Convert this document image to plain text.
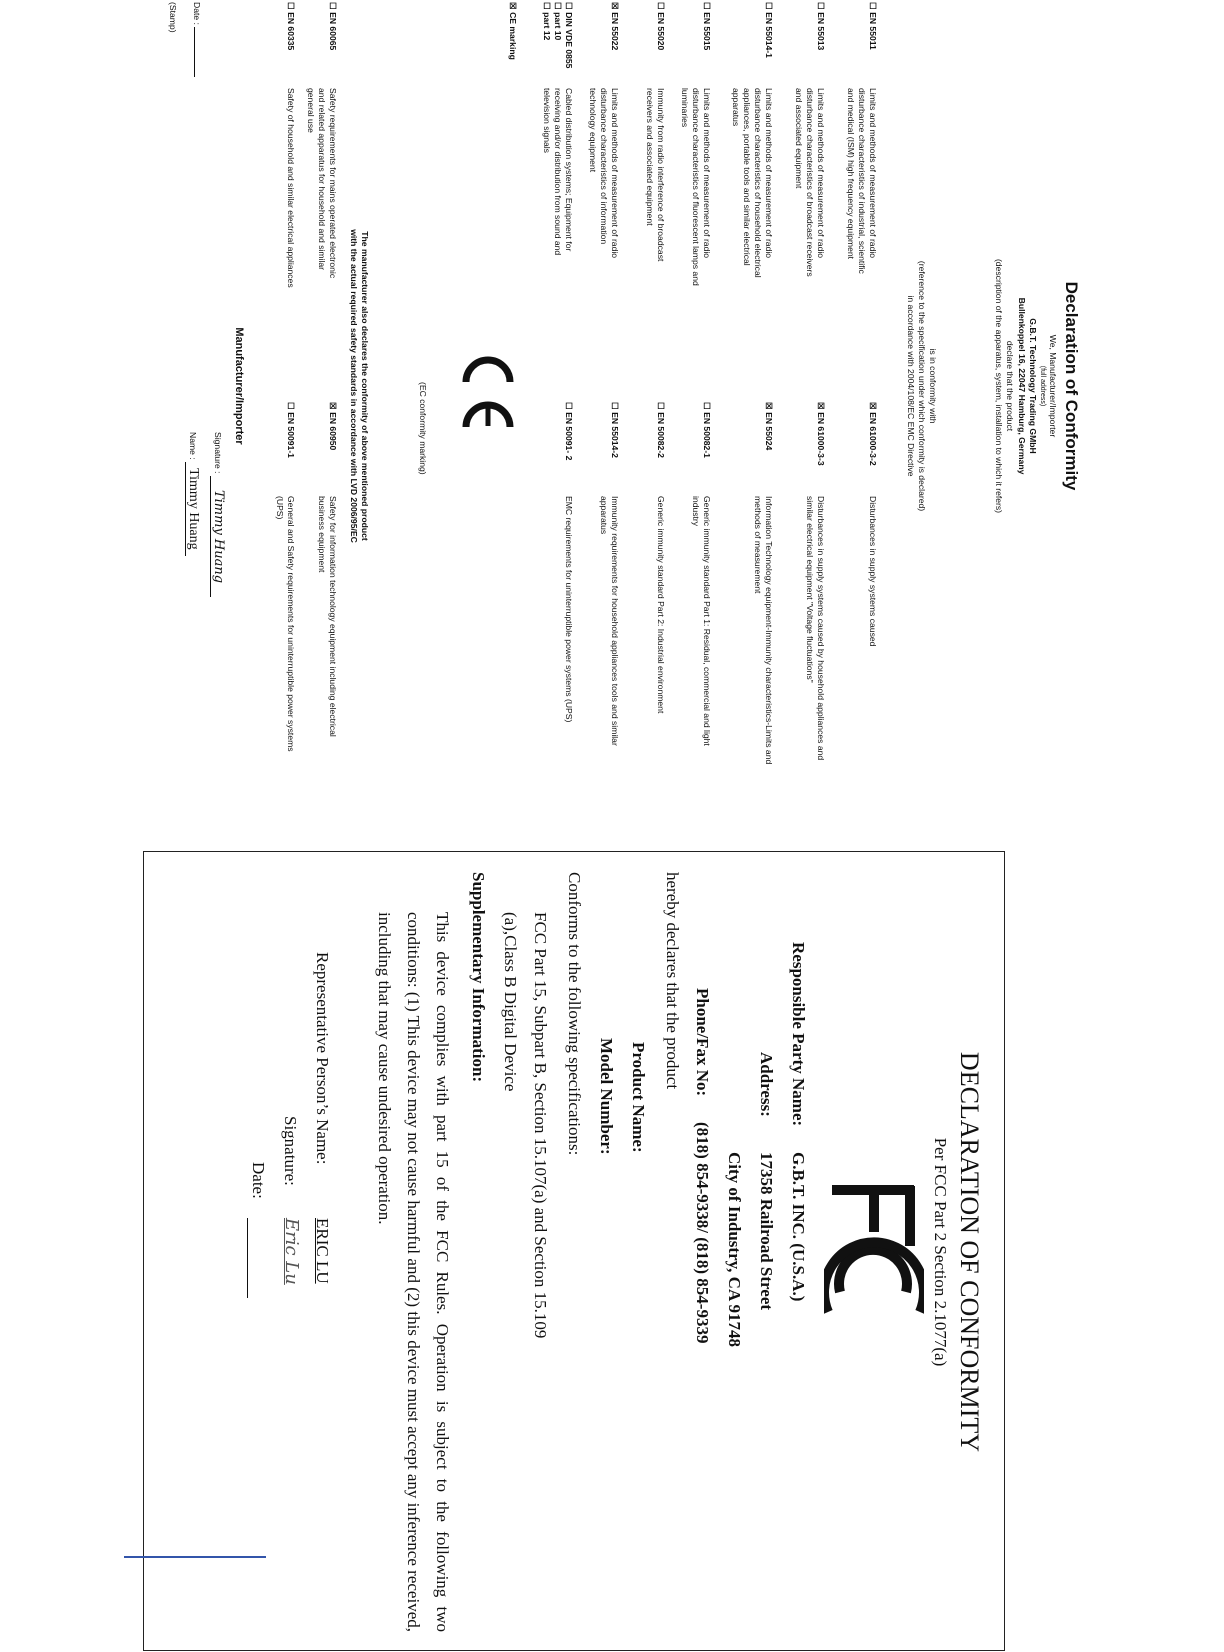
Declaration of Conformity
We, Manufacturer/Importer
(full address)
G.B.T. Technology Trading GMbH
Bullenkoppel 16, 22047 Hamburg, Germany
declare that the product
(description of the apparatus, system, installation to which it refers)
is in conformity with
(reference to the specification under which conformity is declared)
in accordance with 2004/108/EC EMC Directive
☐ EN 55011
Limits and methods of measurement of radio disturbance characteristics of industrial, scientific and medical (ISM) high frequency equipment
☒ EN 61000-3-2
Disturbances in supply systems caused
☐ EN 55013
Limits and methods of measurement of radio disturbance characteristics of broadcast receivers and associated equipment
☒ EN 61000-3-3
Disturbances in supply systems caused by household appliances and similar electrical equipment "Voltage fluctuations"
☐ EN 55014-1
Limits and methods of measurement of radio disturbance characteristics of household electrical appliances, portable tools and similar electrical apparatus
☒ EN 55024
Information Technology equipment-Immunity characteristics-Limits and methods of measurement
☐ EN 55015
Limits and methods of measurement of radio disturbance characteristics of fluorescent lamps and luminaries
☐ EN 50082-1
Generic immunity standard Part 1: Residual, commercial and light industry
☐ EN 55020
Immunity from radio interference of broadcast receivers and associated equipment
☐ EN 50082-2
Generic immunity standard Part 2: Industrial environment
☒ EN 55022
Limits and methods of measurement of radio disturbance characteristics of information technology equipment
☐ EN 55014-2
Immunity requirements for household appliances tools and similar apparatus
☐ DIN VDE 0855
☐ part 10
☐ part 12
Cabled distribution systems; Equipment for receiving and/or distribution from sound and television signals
☐ EN 50091- 2
EMC requirements for uninterruptible power systems (UPS)
☒ CE marking
(EC conformity marking)
The manufacturer also declares the conformity of above mentioned product
with the actual required safety standards in accordance with LVD 2006/95/EC
☐ EN 60065
Safety requirements for mains operated electronic and related apparatus for household and similar general use
☒ EN 60950
Safety for information technology equipment including electrical business equipment
☐ EN 60335
Safety of household and similar electrical appliances
☐ EN 50091-1
General and Safety requirements for uninterruptible power systems (UPS)
Manufacturer/Importer
Signature : Timmy Huang
Date :
Name : Timmy Huang
(Stamp)
DECLARATION OF CONFORMITY
Per FCC Part 2 Section 2.1077(a)
Responsible Party Name:
G.B.T. INC. (U.S.A.)
Address:
17358 Railroad Street
City of Industry, CA 91748
Phone/Fax No:
(818) 854-9338/ (818) 854-9339
hereby declares that the product
Product Name:
Model Number:
Conforms to the following specifications:
FCC Part 15, Subpart B, Section 15.107(a) and Section 15.109
(a),Class B Digital Device
Supplementary Information:
This device complies with part 15 of the FCC Rules. Operation is subject to the following two conditions: (1) This device may not cause harmful and (2) this device must accept any inference received, including that may cause undesired operation.
Representative Person’s Name:
ERIC LU
Signature:
Eric Lu
Date:
